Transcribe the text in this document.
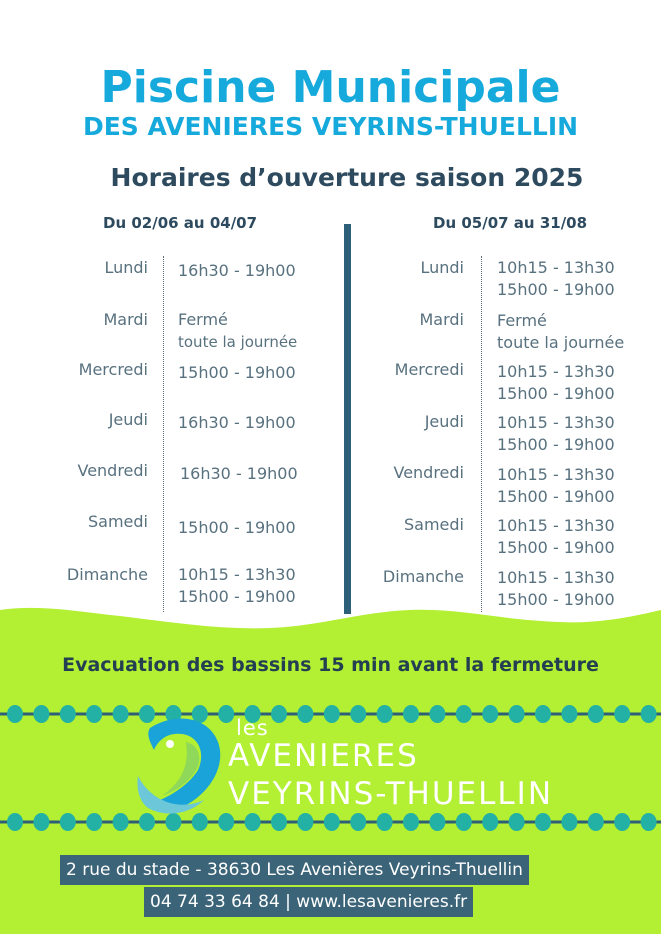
Piscine Municipale
DES AVENIERES VEYRINS-THUELLIN
Horaires d’ouverture saison 2025
Du 02/06 au 04/07	Du 05/07 au 31/08
Lundi 16h30 - 19h00
Mardi Fermé
toute la journée
Mercredi 15h00 - 19h00
Jeudi 16h30 - 19h00
Vendredi 16h30 - 19h00
Samedi 15h00 - 19h00
Dimanche 10h15 - 13h30
15h00 - 19h00
Lundi 10h15 - 13h30
15h00 - 19h00
Mardi Fermé
toute la journée
Mercredi 10h15 - 13h30
15h00 - 19h00
Jeudi 10h15 - 13h30
15h00 - 19h00
Vendredi 10h15 - 13h30
15h00 - 19h00
Samedi 10h15 - 13h30
15h00 - 19h00
Dimanche 10h15 - 13h30
15h00 - 19h00
Evacuation des bassins 15 min avant la fermeture
les
AVENIERES
VEYRINS-THUELLIN
2 rue du stade - 38630 Les Avenières Veyrins-Thuellin
04 74 33 64 84 | www.lesavenieres.fr
